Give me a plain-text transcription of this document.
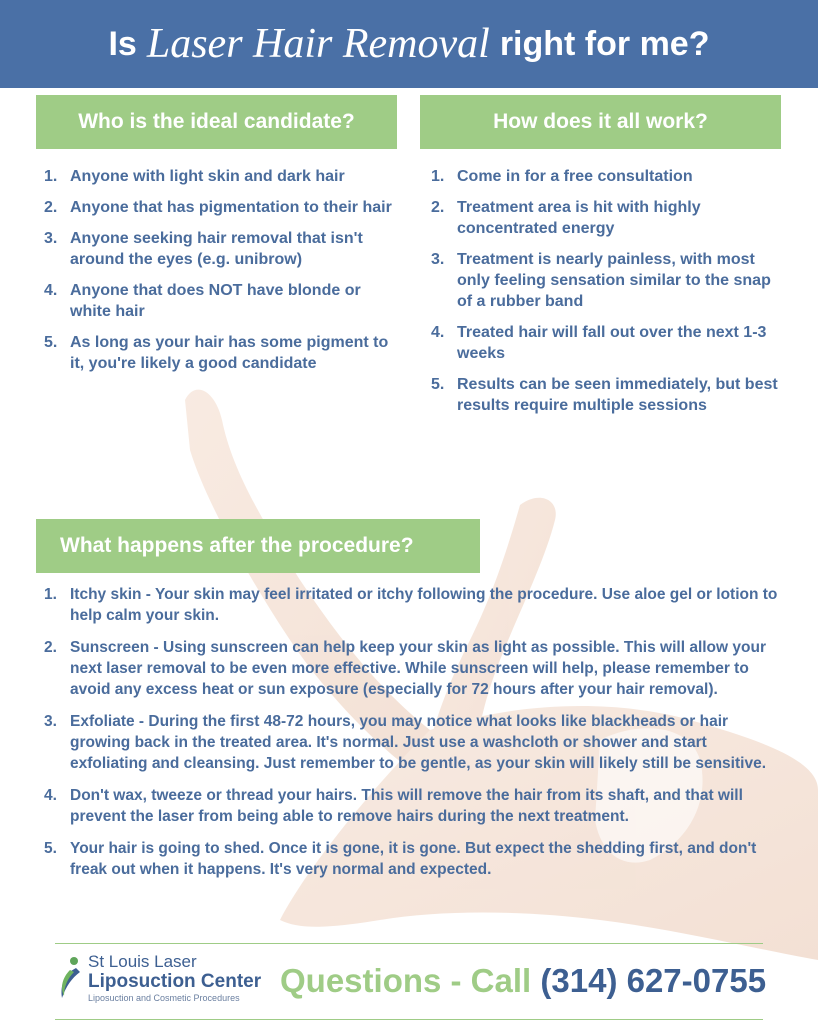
Is Laser Hair Removal right for me?
Who is the ideal candidate?
1. Anyone with light skin and dark hair
2. Anyone that has pigmentation to their hair
3. Anyone seeking hair removal that isn't around the eyes (e.g. unibrow)
4. Anyone that does NOT have blonde or white hair
5. As long as your hair has some pigment to it, you're likely a good candidate
How does it all work?
1. Come in for a free consultation
2. Treatment area is hit with highly concentrated energy
3. Treatment is nearly painless, with most only feeling sensation similar to the snap of a rubber band
4. Treated hair will fall out over the next 1-3 weeks
5. Results can be seen immediately, but best results require multiple sessions
What happens after the procedure?
1. Itchy skin - Your skin may feel irritated or itchy following the procedure. Use aloe gel or lotion to help calm your skin.
2. Sunscreen - Using sunscreen can help keep your skin as light as possible. This will allow your next laser removal to be even more effective. While sunscreen will help, please remember to avoid any excess heat or sun exposure (especially for 72 hours after your hair removal).
3. Exfoliate - During the first 48-72 hours, you may notice what looks like blackheads or hair growing back in the treated area. It's normal. Just use a washcloth or shower and start exfoliating and cleansing. Just remember to be gentle, as your skin will likely still be sensitive.
4. Don't wax, tweeze or thread your hairs. This will remove the hair from its shaft, and that will prevent the laser from being able to remove hairs during the next treatment.
5. Your hair is going to shed. Once it is gone, it is gone. But expect the shedding first, and don't freak out when it happens. It's very normal and expected.
St Louis Laser
Liposuction Center
Liposuction and Cosmetic Procedures Questions - Call (314) 627-0755
